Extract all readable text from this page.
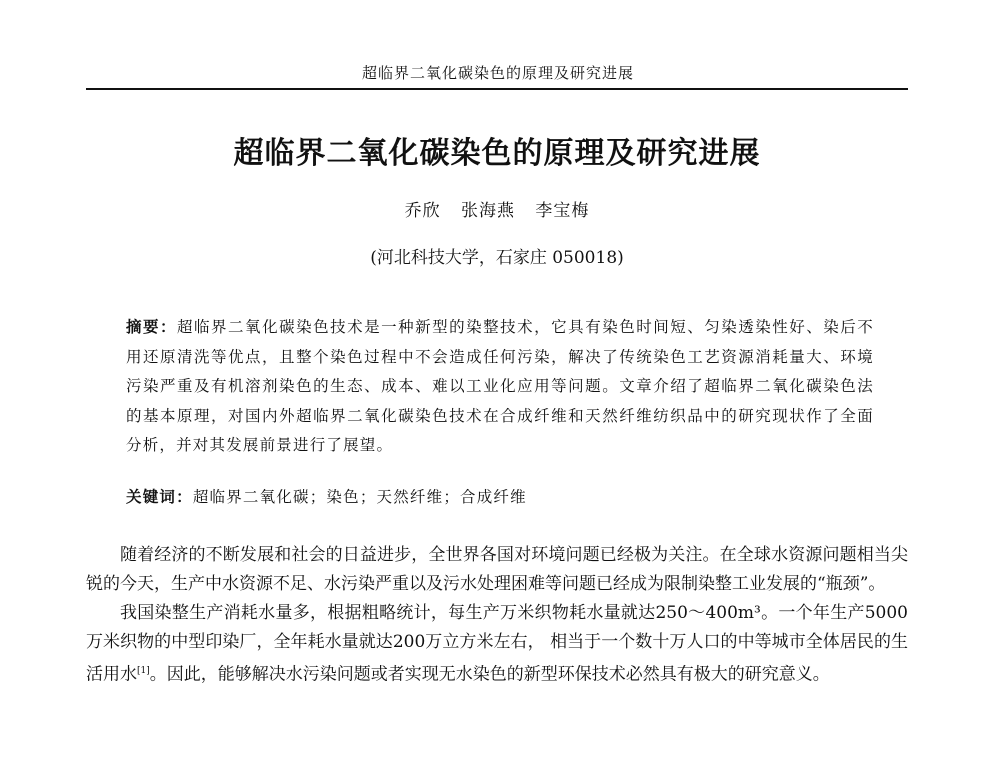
超临界二氧化碳染色的原理及研究进展
超临界二氧化碳染色的原理及研究进展
乔欣 张海燕 李宝梅
(河北科技大学，石家庄 050018)
摘要：超临界二氧化碳染色技术是一种新型的染整技术，它具有染色时间短、匀染透染性好、染后不用还原清洗等优点，且整个染色过程中不会造成任何污染，解决了传统染色工艺资源消耗量大、环境污染严重及有机溶剂染色的生态、成本、难以工业化应用等问题。文章介绍了超临界二氧化碳染色法的基本原理，对国内外超临界二氧化碳染色技术在合成纤维和天然纤维纺织品中的研究现状作了全面分析，并对其发展前景进行了展望。
关键词：超临界二氧化碳；染色；天然纤维；合成纤维

随着经济的不断发展和社会的日益进步，全世界各国对环境问题已经极为关注。在全球水资源问题相当尖锐的今天，生产中水资源不足、水污染严重以及污水处理困难等问题已经成为限制染整工业发展的“瓶颈”。

我国染整生产消耗水量多，根据粗略统计，每生产万米织物耗水量就达250～400m³。一个年生产5000万米织物的中型印染厂，全年耗水量就达200万立方米左右， 相当于一个数十万人口的中等城市全体居民的生活用水[1]。因此，能够解决水污染问题或者实现无水染色的新型环保技术必然具有极大的研究意义。
